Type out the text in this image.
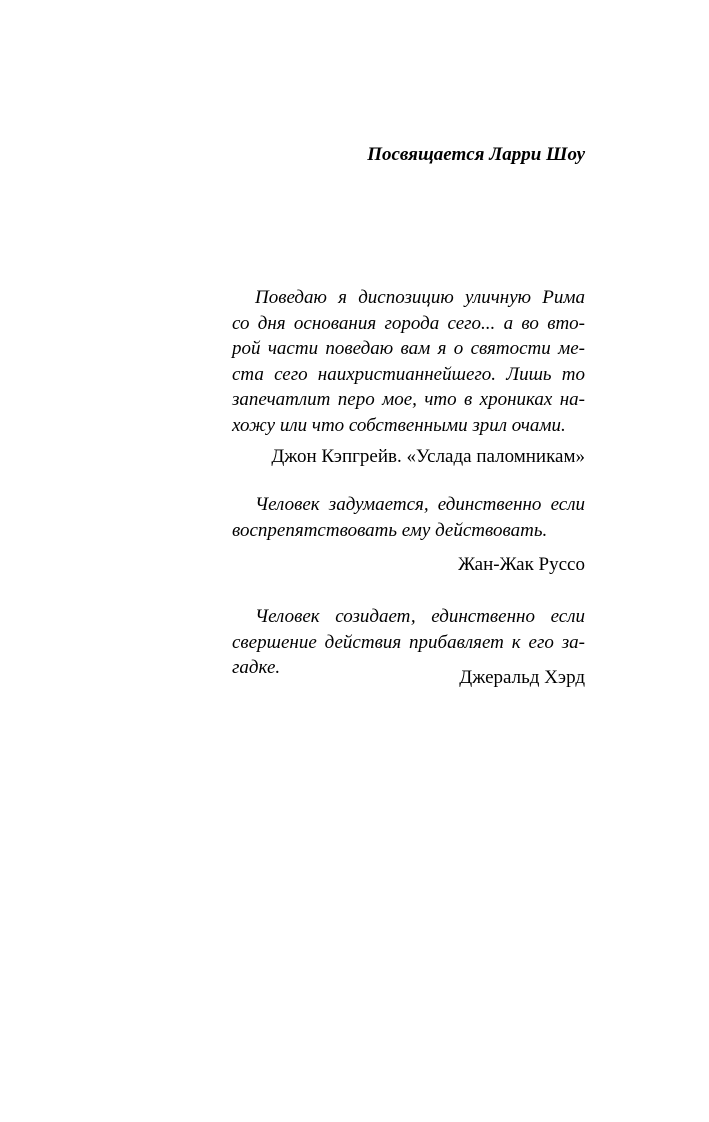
Посвящается Ларри Шоу
Поведаю я диспозицию уличную Рима
со дня основания города сего... а во вто-
рой части поведаю вам я о святости ме-
ста сего наихристианнейшего. Лишь то
запечатлит перо мое, что в хрониках на-
хожу или что собственными зрил очами.
Джон Кэпгрейв. «Услада паломникам»
Человек задумается, единственно если
воспрепятствовать ему действовать.
Жан-Жак Руссо
Человек созидает, единственно если
свершение действия прибавляет к его за-
гадке.	Джеральд Хэрд
